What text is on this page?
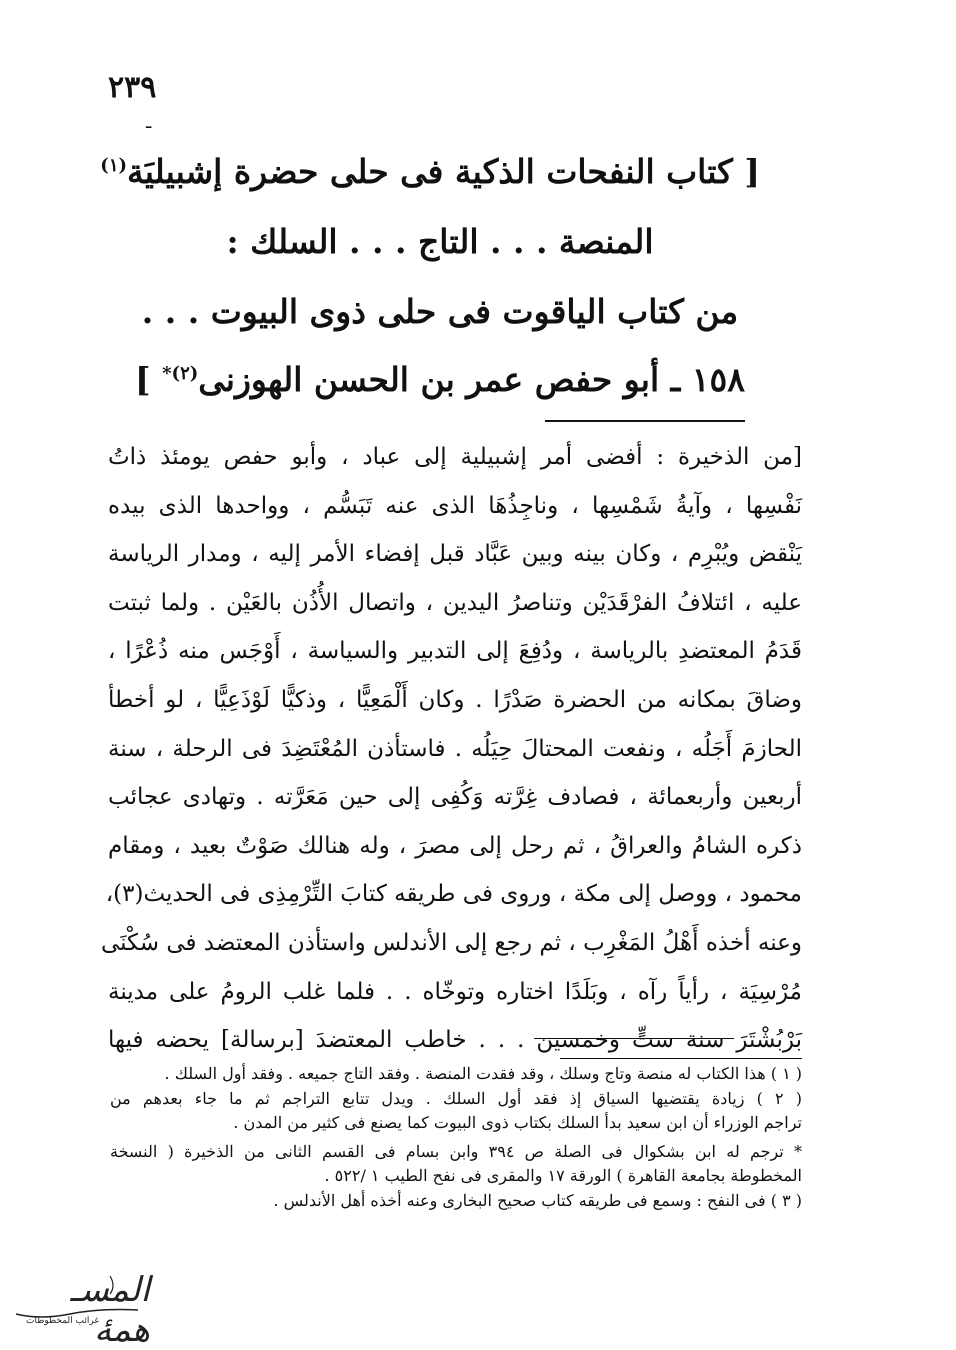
٢٣٩
ـ
[ كتاب النفحات الذكية فى حلى حضرة إشبيليَة$^{(١)}$
المنصة . . . التاج . . . السلك :
من كتاب الياقوت فى حلى ذوى البيوت . . .
١٥٨ ـ أبو حفص عمر بن الحسن الهوزنى$^{(٢)*}$ ]
[من الذخيرة : أفضى أمر إشبيلية إلى عباد ، وأبو حفص يومئذ ذاتُ
نَفْسِها ، وآيةُ شَمْسِها ، وناجِذُهَا الذى عنه تَبَسُّم ، وواحدها الذى بيده
يَنْقض ويُبْرِم ، وكان بينه وبين عَبَّاد قبل إفضاء الأمر إليه ، ومدار الرياسة
عليه ، ائتلافُ الفرْقَدَيْن وتناصرُ اليدين ، واتصال الأُذُن بالعَيْن . ولما ثبتت
قَدَمُ المعتضدِ بالرياسة ، ودُفِعَ إلى التدبير والسياسة ، أَوْجَس منه ذُعْرًا ،
وضاقَ بمكانه من الحضرة صَدْرًا . وكان أَلْمَعِيًّا ، وذكيًّا لَوْذَعِيًّا ، لو أخطأ
الحازمَ أَجَلُه ، ونفعت المحتالَ حِيَلُه . فاستأذن المُعْتَضِدَ فى الرحلة ، سنة
أربعين وأربعمائة ، فصادف غِرَّته وَكُفِى إلى حين مَعَرَّته . وتهادى عجائب
ذكره الشامُ والعراقُ ، ثم رحل إلى مصرَ ، وله هنالك صَوْتٌ بعيد ، ومقام
محمود ، ووصل إلى مكة ، وروى فى طريقه كتابَ التِّرْمِذِى فى الحديث(٣)،
وعنه أخذه أَهْلُ المَغْرِب ، ثم رجع إلى الأندلس واستأذن المعتضد فى سُكْنَى
مُرْسِيَة ، رأياً رآه ، وبَلَدًا اختاره وتوخّاه . . فلما غلب الرومُ على مدينة
بَرْبُشْتَرَ سنة ستٍّ وخمسين . . . خاطب المعتضدَ [برسالة] يحضه فيها
( ١ ) هذا الكتاب له منصة وتاج وسلك ، وقد فقدت المنصة . وفقد التاج جميعه . وفقد أول السلك .
( ٢ ) زيادة يقتضيها السياق إذ فقد أول السلك . ويدل تتابع التراجم ثم ما جاء بعدهم من
تراجم الوزراء أن ابن سعيد بدأ السلك بكتاب ذوى البيوت كما يصنع فى كثير من المدن .
* ترجم له ابن بشكوال فى الصلة ص ٣٩٤ وابن بسام فى القسم الثانى من الذخيرة ( النسخة
المخطوطة بجامعة القاهرة ) الورقة ١٧ والمقرى فى نفح الطيب ١ /٥٢٢ .
( ٣ ) فى النفح : وسمع فى طريقه كتاب صحيح البخارى وعنه أخذه أهل الأندلس .
المسـ همهٔ
غرائب المخطوطات
